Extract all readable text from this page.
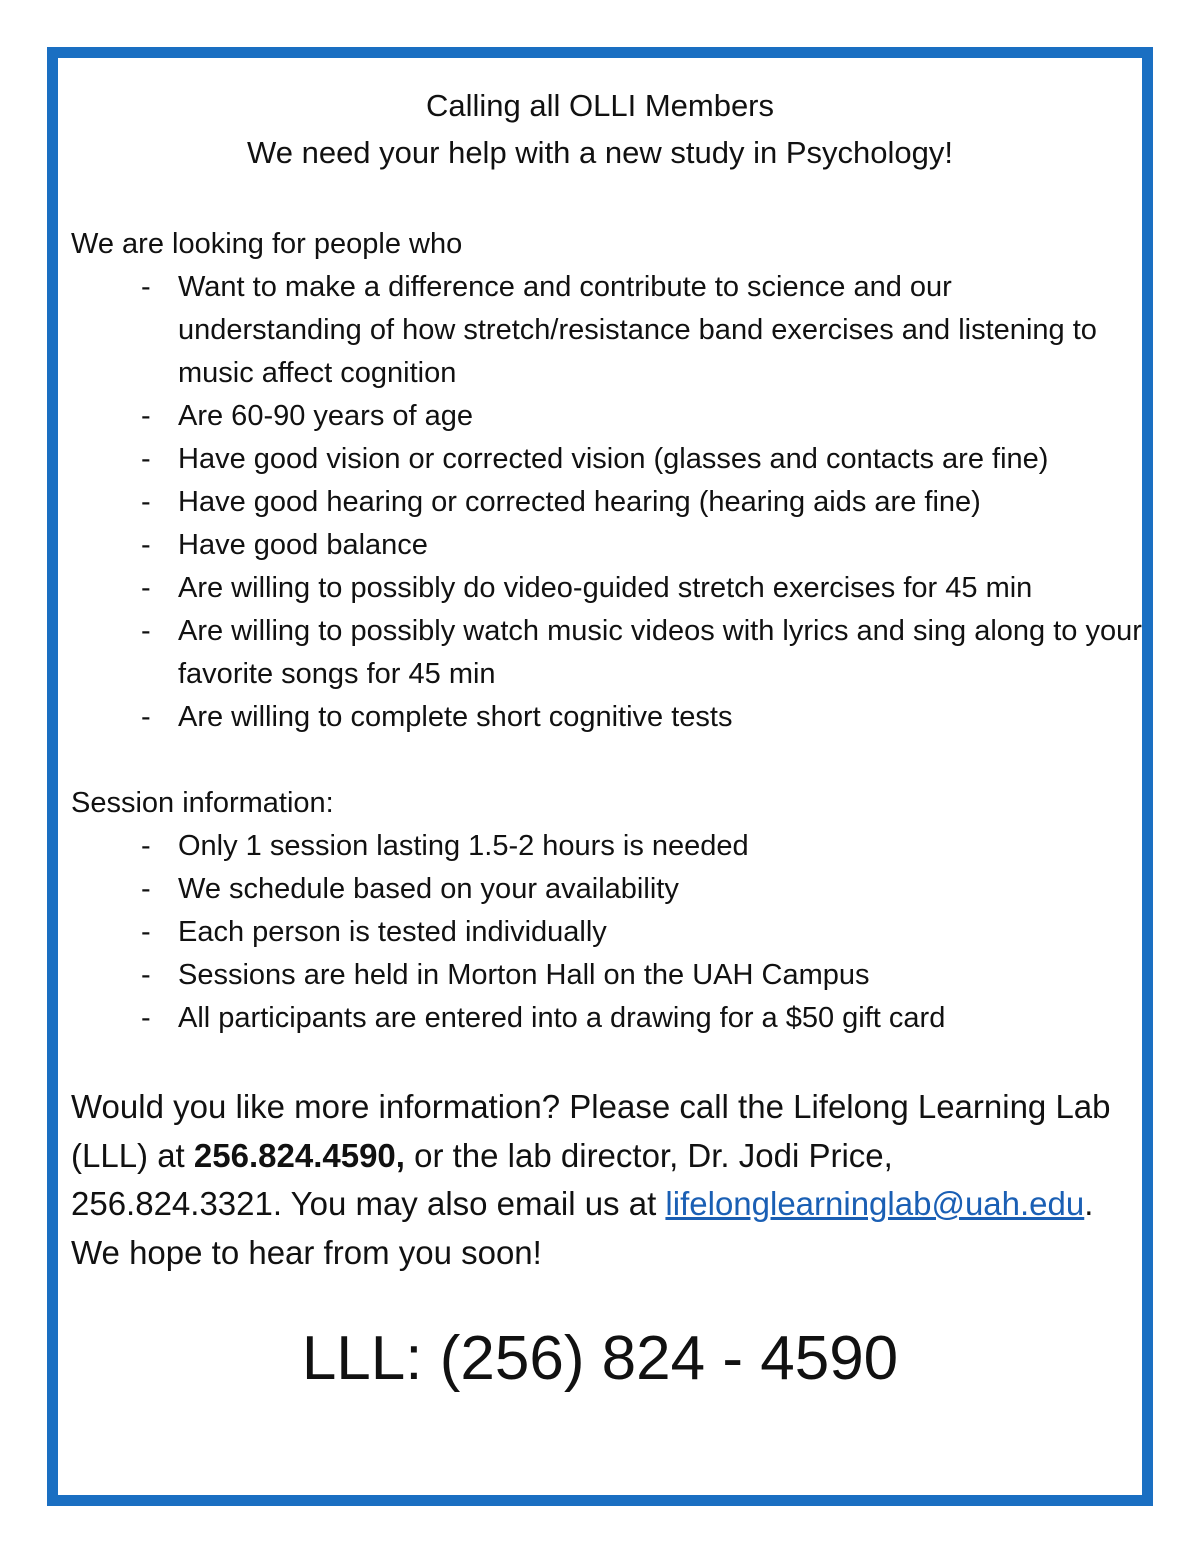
Calling all OLLI Members
We need your help with a new study in Psychology!
We are looking for people who
- Want to make a difference and contribute to science and our understanding of how stretch/resistance band exercises and listening to music affect cognition
- Are 60-90 years of age
- Have good vision or corrected vision (glasses and contacts are fine)
- Have good hearing or corrected hearing (hearing aids are fine)
- Have good balance
- Are willing to possibly do video-guided stretch exercises for 45 min
- Are willing to possibly watch music videos with lyrics and sing along to your favorite songs for 45 min
- Are willing to complete short cognitive tests
Session information:
- Only 1 session lasting 1.5-2 hours is needed
- We schedule based on your availability
- Each person is tested individually
- Sessions are held in Morton Hall on the UAH Campus
- All participants are entered into a drawing for a $50 gift card
Would you like more information? Please call the Lifelong Learning Lab (LLL) at 256.824.4590, or the lab director, Dr. Jodi Price, 256.824.3321. You may also email us at lifelonglearninglab@uah.edu. We hope to hear from you soon!
LLL: (256) 824 - 4590
